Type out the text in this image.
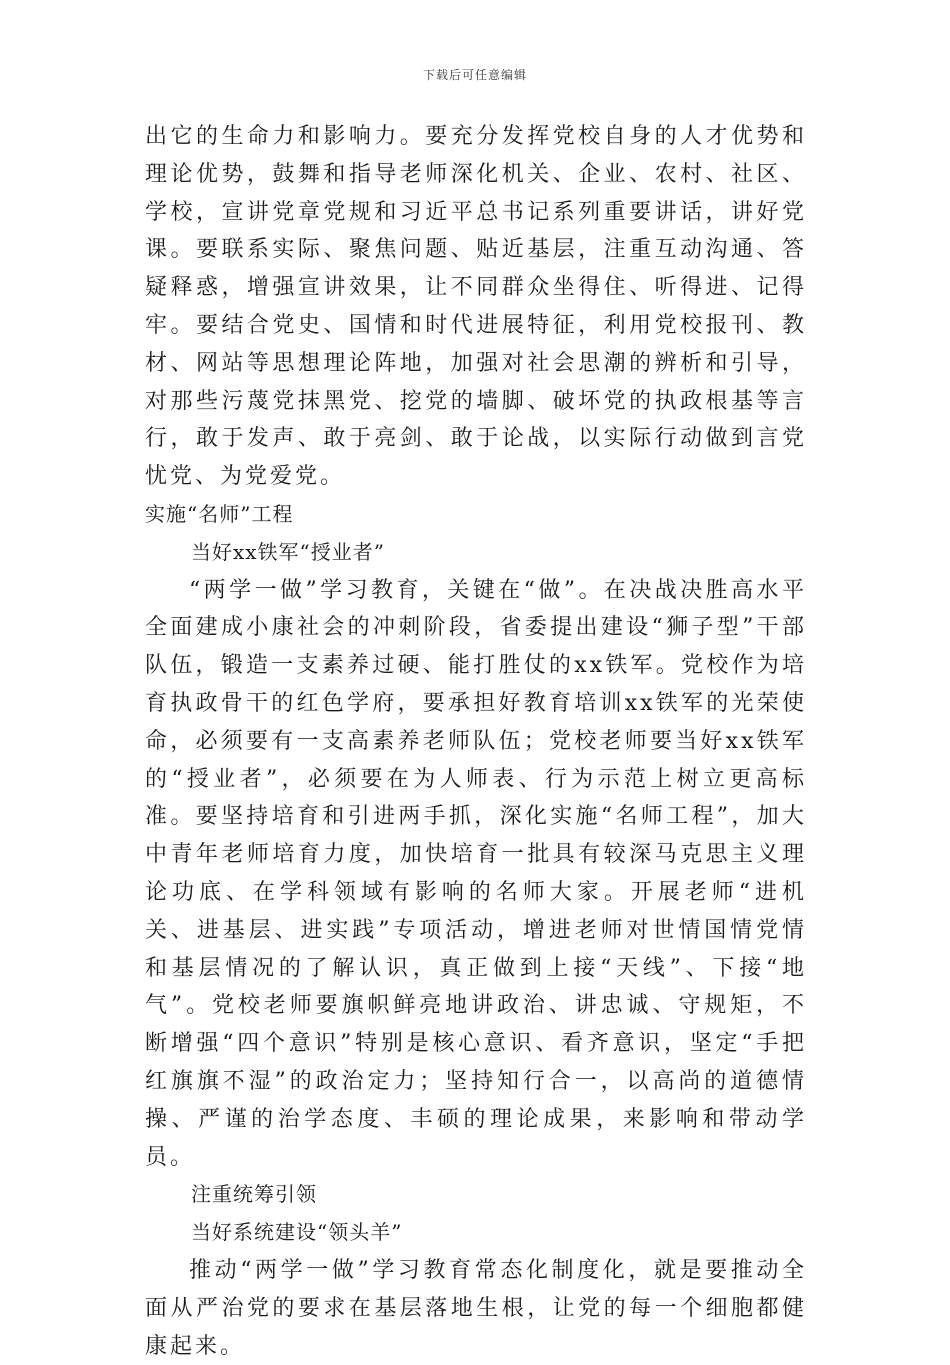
下载后可任意编辑

出它的生命力和影响力。要充分发挥党校自身的人才优势和理论优势，鼓舞和指导老师深化机关、企业、农村、社区、学校，宣讲党章党规和习近平总书记系列重要讲话，讲好党课。要联系实际、聚焦问题、贴近基层，注重互动沟通、答疑释惑，增强宣讲效果，让不同群众坐得住、听得进、记得牢。要结合党史、国情和时代进展特征，利用党校报刊、教材、网站等思想理论阵地，加强对社会思潮的辨析和引导，对那些污蔑党抹黑党、挖党的墙脚、破坏党的执政根基等言行，敢于发声、敢于亮剑、敢于论战，以实际行动做到言党忧党、为党爱党。

实施“名师”工程

当好xx铁军“授业者”

“两学一做”学习教育，关键在“做”。在决战决胜高水平全面建成小康社会的冲刺阶段，省委提出建设“狮子型”干部队伍，锻造一支素养过硬、能打胜仗的xx铁军。党校作为培育执政骨干的红色学府，要承担好教育培训xx铁军的光荣使命，必须要有一支高素养老师队伍；党校老师要当好xx铁军的“授业者”，必须要在为人师表、行为示范上树立更高标准。要坚持培育和引进两手抓，深化实施“名师工程”，加大中青年老师培育力度，加快培育一批具有较深马克思主义理论功底、在学科领域有影响的名师大家。开展老师“进机关、进基层、进实践”专项活动，增进老师对世情国情党情和基层情况的了解认识，真正做到上接“天线”、下接“地气”。党校老师要旗帜鲜亮地讲政治、讲忠诚、守规矩，不断增强“四个意识”特别是核心意识、看齐意识，坚定“手把红旗旗不湿”的政治定力；坚持知行合一，以高尚的道德情操、严谨的治学态度、丰硕的理论成果，来影响和带动学员。

注重统筹引领

当好系统建设“领头羊”

推动“两学一做”学习教育常态化制度化，就是要推动全面从严治党的要求在基层落地生根，让党的每一个细胞都健康起来。
